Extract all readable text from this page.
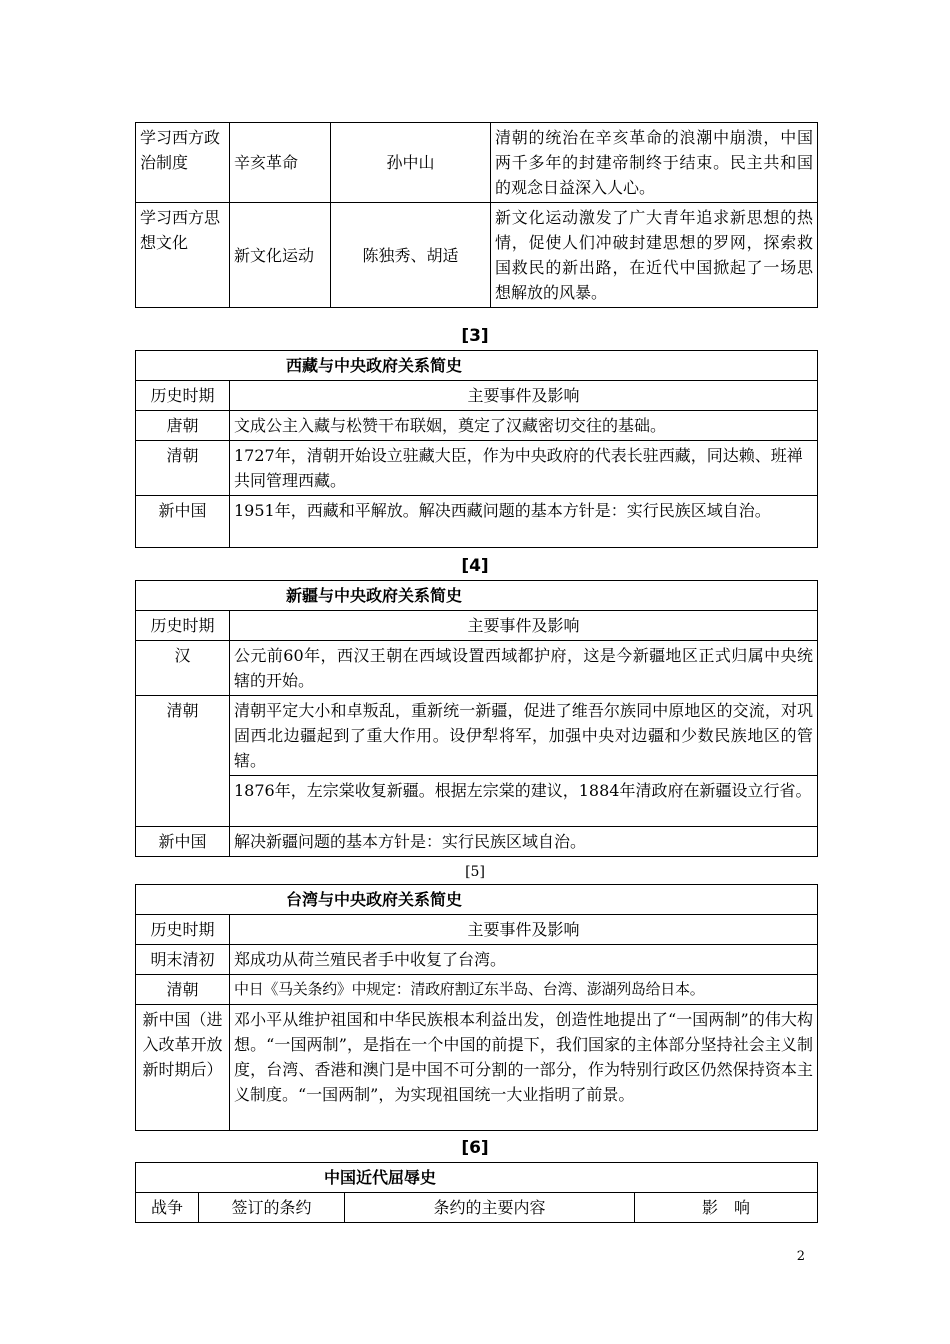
学习西方政治制度	辛亥革命	孙中山	清朝的统治在辛亥革命的浪潮中崩溃，中国两千多年的封建帝制终于结束。民主共和国的观念日益深入人心。
学习西方思想文化	新文化运动	陈独秀、胡适	新文化运动激发了广大青年追求新思想的热情，促使人们冲破封建思想的罗网，探索救国救民的新出路，在近代中国掀起了一场思想解放的风暴。
[3]
西藏与中央政府关系简史	
历史时期	主要事件及影响
唐朝	文成公主入藏与松赞干布联姻，奠定了汉藏密切交往的基础。
清朝	1727年，清朝开始设立驻藏大臣，作为中央政府的代表长驻西藏，同达赖、班禅共同管理西藏。
新中国	1951年，西藏和平解放。解决西藏问题的基本方针是：实行民族区域自治。
[4]
新疆与中央政府关系简史	
历史时期	主要事件及影响
汉	公元前60年，西汉王朝在西域设置西域都护府，这是今新疆地区正式归属中央统辖的开始。
清朝	清朝平定大小和卓叛乱，重新统一新疆，促进了维吾尔族同中原地区的交流，对巩固西北边疆起到了重大作用。设伊犁将军，加强中央对边疆和少数民族地区的管辖。
	1876年，左宗棠收复新疆。根据左宗棠的建议，1884年清政府在新疆设立行省。
新中国	解决新疆问题的基本方针是：实行民族区域自治。
[5]
台湾与中央政府关系简史	
历史时期	主要事件及影响
明末清初	郑成功从荷兰殖民者手中收复了台湾。
清朝	中日《马关条约》中规定：清政府割辽东半岛、台湾、澎湖列岛给日本。
新中国（进入改革开放新时期后）	邓小平从维护祖国和中华民族根本利益出发，创造性地提出了“一国两制”的伟大构想。“一国两制”，是指在一个中国的前提下，我们国家的主体部分坚持社会主义制度，台湾、香港和澳门是中国不可分割的一部分，作为特别行政区仍然保持资本主义制度。“一国两制”，为实现祖国统一大业指明了前景。
[6]
中国近代屈辱史
战争	签订的条约	条约的主要内容	影　响
2
